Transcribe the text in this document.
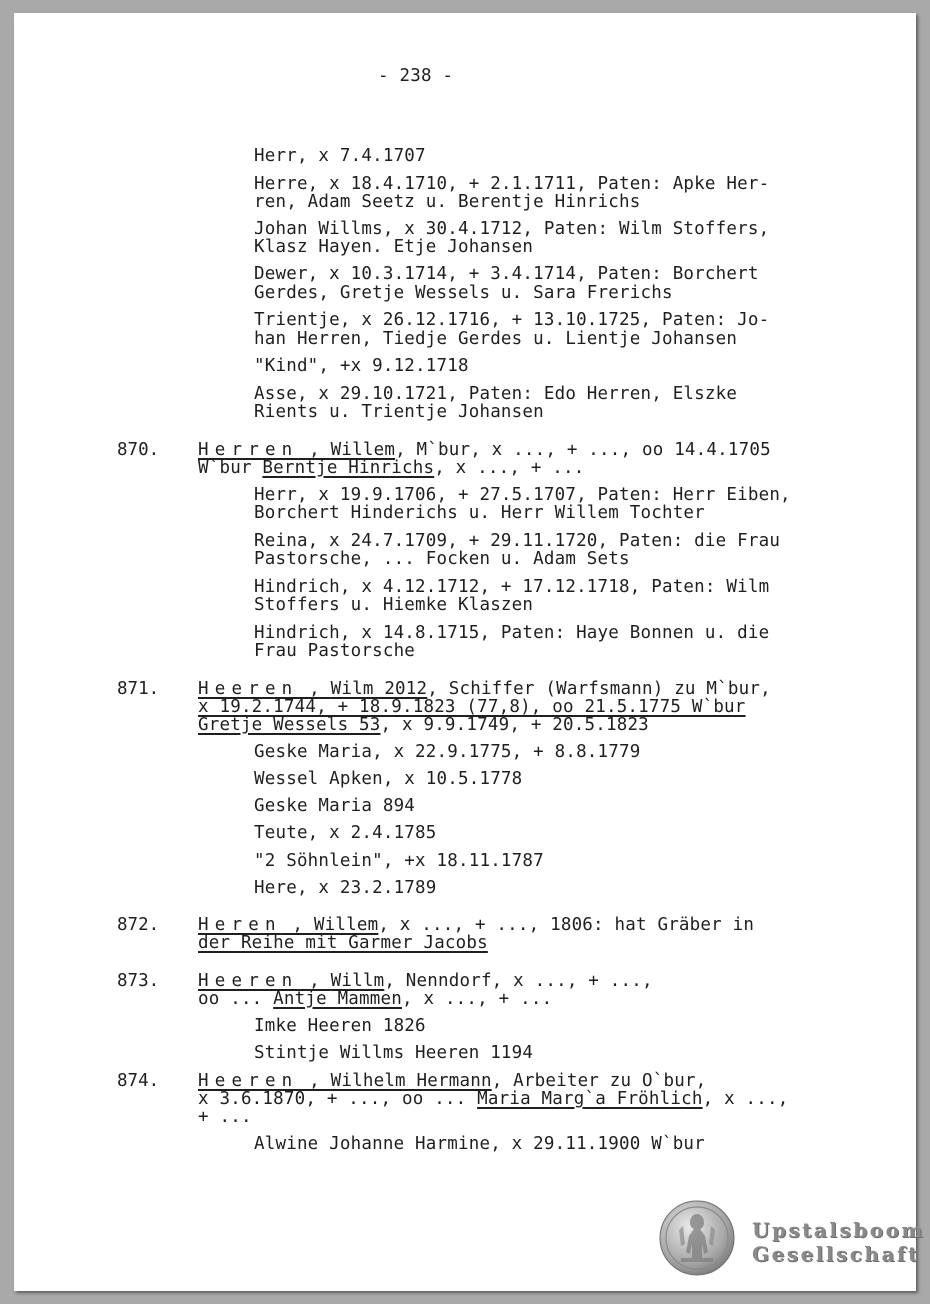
- 238 -
Herr, x 7.4.1707
Herre, x 18.4.1710, + 2.1.1711, Paten: Apke Her-
ren, Adam Seetz u. Berentje Hinrichs
Johan Willms, x 30.4.1712, Paten: Wilm Stoffers,
Klasz Hayen. Etje Johansen
Dewer, x 10.3.1714, + 3.4.1714, Paten: Borchert
Gerdes, Gretje Wessels u. Sara Frerichs
Trientje, x 26.12.1716, + 13.10.1725, Paten: Jo-
han Herren, Tiedje Gerdes u. Lientje Johansen
"Kind", +x 9.12.1718
Asse, x 29.10.1721, Paten: Edo Herren, Elszke
Rients u. Trientje Johansen
870. Herren , Willem, M`bur, x ..., + ..., oo 14.4.1705
W`bur Berntje Hinrichs, x ..., + ...
Herr, x 19.9.1706, + 27.5.1707, Paten: Herr Eiben,
Borchert Hinderichs u. Herr Willem Tochter
Reina, x 24.7.1709, + 29.11.1720, Paten: die Frau
Pastorsche, ... Focken u. Adam Sets
Hindrich, x 4.12.1712, + 17.12.1718, Paten: Wilm
Stoffers u. Hiemke Klaszen
Hindrich, x 14.8.1715, Paten: Haye Bonnen u. die
Frau Pastorsche
871. Heeren , Wilm 2012, Schiffer (Warfsmann) zu M`bur,
x 19.2.1744, + 18.9.1823 (77,8), oo 21.5.1775 W`bur
Gretje Wessels 53, x 9.9.1749, + 20.5.1823
Geske Maria, x 22.9.1775, + 8.8.1779
Wessel Apken, x 10.5.1778
Geske Maria 894
Teute, x 2.4.1785
"2 Söhnlein", +x 18.11.1787
Here, x 23.2.1789
872. Heren , Willem, x ..., + ..., 1806: hat Gräber in
der Reihe mit Garmer Jacobs
873. Heeren , Willm, Nenndorf, x ..., + ...,
oo ... Antje Mammen, x ..., + ...
Imke Heeren 1826
Stintje Willms Heeren 1194
874. Heeren , Wilhelm Hermann, Arbeiter zu O`bur,
x 3.6.1870, + ..., oo ... Maria Marg`a Fröhlich, x ...,
+ ...
Alwine Johanne Harmine, x 29.11.1900 W`bur
Upstalsboom
Gesellschaft
